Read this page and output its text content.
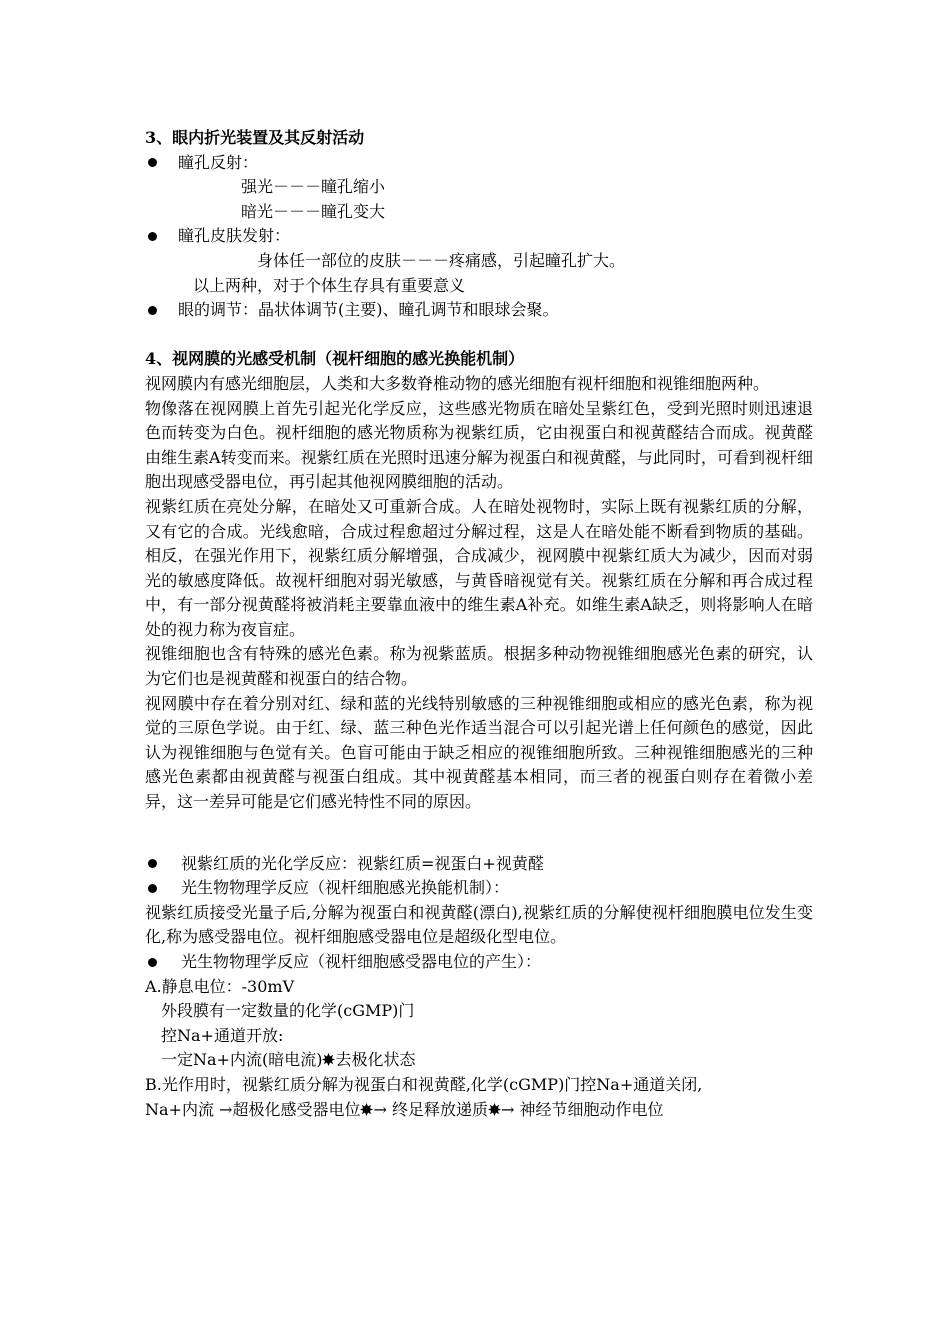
3、眼内折光装置及其反射活动
瞳孔反射：
强光－－－瞳孔缩小
暗光－－－瞳孔变大
瞳孔皮肤发射：
身体任一部位的皮肤－－－疼痛感，引起瞳孔扩大。
以上两种，对于个体生存具有重要意义
眼的调节：晶状体调节(主要)、瞳孔调节和眼球会聚。
4、视网膜的光感受机制（视杆细胞的感光换能机制）
视网膜内有感光细胞层，人类和大多数脊椎动物的感光细胞有视杆细胞和视锥细胞两种。
物像落在视网膜上首先引起光化学反应，这些感光物质在暗处呈紫红色，受到光照时则迅速退色而转变为白色。视杆细胞的感光物质称为视紫红质，它由视蛋白和视黄醛结合而成。视黄醛由维生素A转变而来。视紫红质在光照时迅速分解为视蛋白和视黄醛，与此同时，可看到视杆细胞出现感受器电位，再引起其他视网膜细胞的活动。
视紫红质在亮处分解，在暗处又可重新合成。人在暗处视物时，实际上既有视紫红质的分解，又有它的合成。光线愈暗，合成过程愈超过分解过程，这是人在暗处能不断看到物质的基础。相反，在强光作用下，视紫红质分解增强，合成减少，视网膜中视紫红质大为减少，因而对弱光的敏感度降低。故视杆细胞对弱光敏感，与黄昏暗视觉有关。视紫红质在分解和再合成过程中，有一部分视黄醛将被消耗主要靠血液中的维生素A补充。如维生素A缺乏，则将影响人在暗处的视力称为夜盲症。
视锥细胞也含有特殊的感光色素。称为视紫蓝质。根据多种动物视锥细胞感光色素的研究，认为它们也是视黄醛和视蛋白的结合物。
视网膜中存在着分别对红、绿和蓝的光线特别敏感的三种视锥细胞或相应的感光色素，称为视觉的三原色学说。由于红、绿、蓝三种色光作适当混合可以引起光谱上任何颜色的感觉，因此认为视锥细胞与色觉有关。色盲可能由于缺乏相应的视锥细胞所致。三种视锥细胞感光的三种感光色素都由视黄醛与视蛋白组成。其中视黄醛基本相同，而三者的视蛋白则存在着微小差异，这一差异可能是它们感光特性不同的原因。
视紫红质的光化学反应：视紫红质=视蛋白+视黄醛
光生物物理学反应（视杆细胞感光换能机制）：
视紫红质接受光量子后,分解为视蛋白和视黄醛(漂白),视紫红质的分解使视杆细胞膜电位发生变化,称为感受器电位。视杆细胞感受器电位是超级化型电位。
光生物物理学反应（视杆细胞感受器电位的产生）：
A.静息电位：-30mV
外段膜有一定数量的化学(cGMP)门
控Na+通道开放:
一定Na+内流(暗电流) 去极化状态
B.光作用时，视紫红质分解为视蛋白和视黄醛,化学(cGMP)门控Na+通道关闭,
Na+内流 →超极化感受器电位 → 终足释放递质 → 神经节细胞动作电位
